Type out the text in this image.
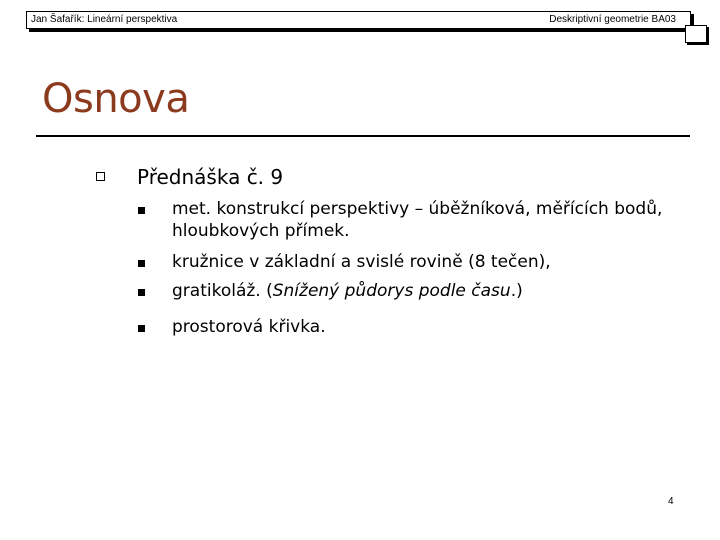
Jan Šafařík: Lineární perspektiva	Deskriptivní geometrie BA03
Osnova
Přednáška č. 9
met. konstrukcí perspektivy – úběžníková, měřících bodů, hloubkových přímek.
kružnice v základní a svislé rovině (8 tečen),
gratikoláž. (Snížený půdorys podle času.)
prostorová křivka.
4
